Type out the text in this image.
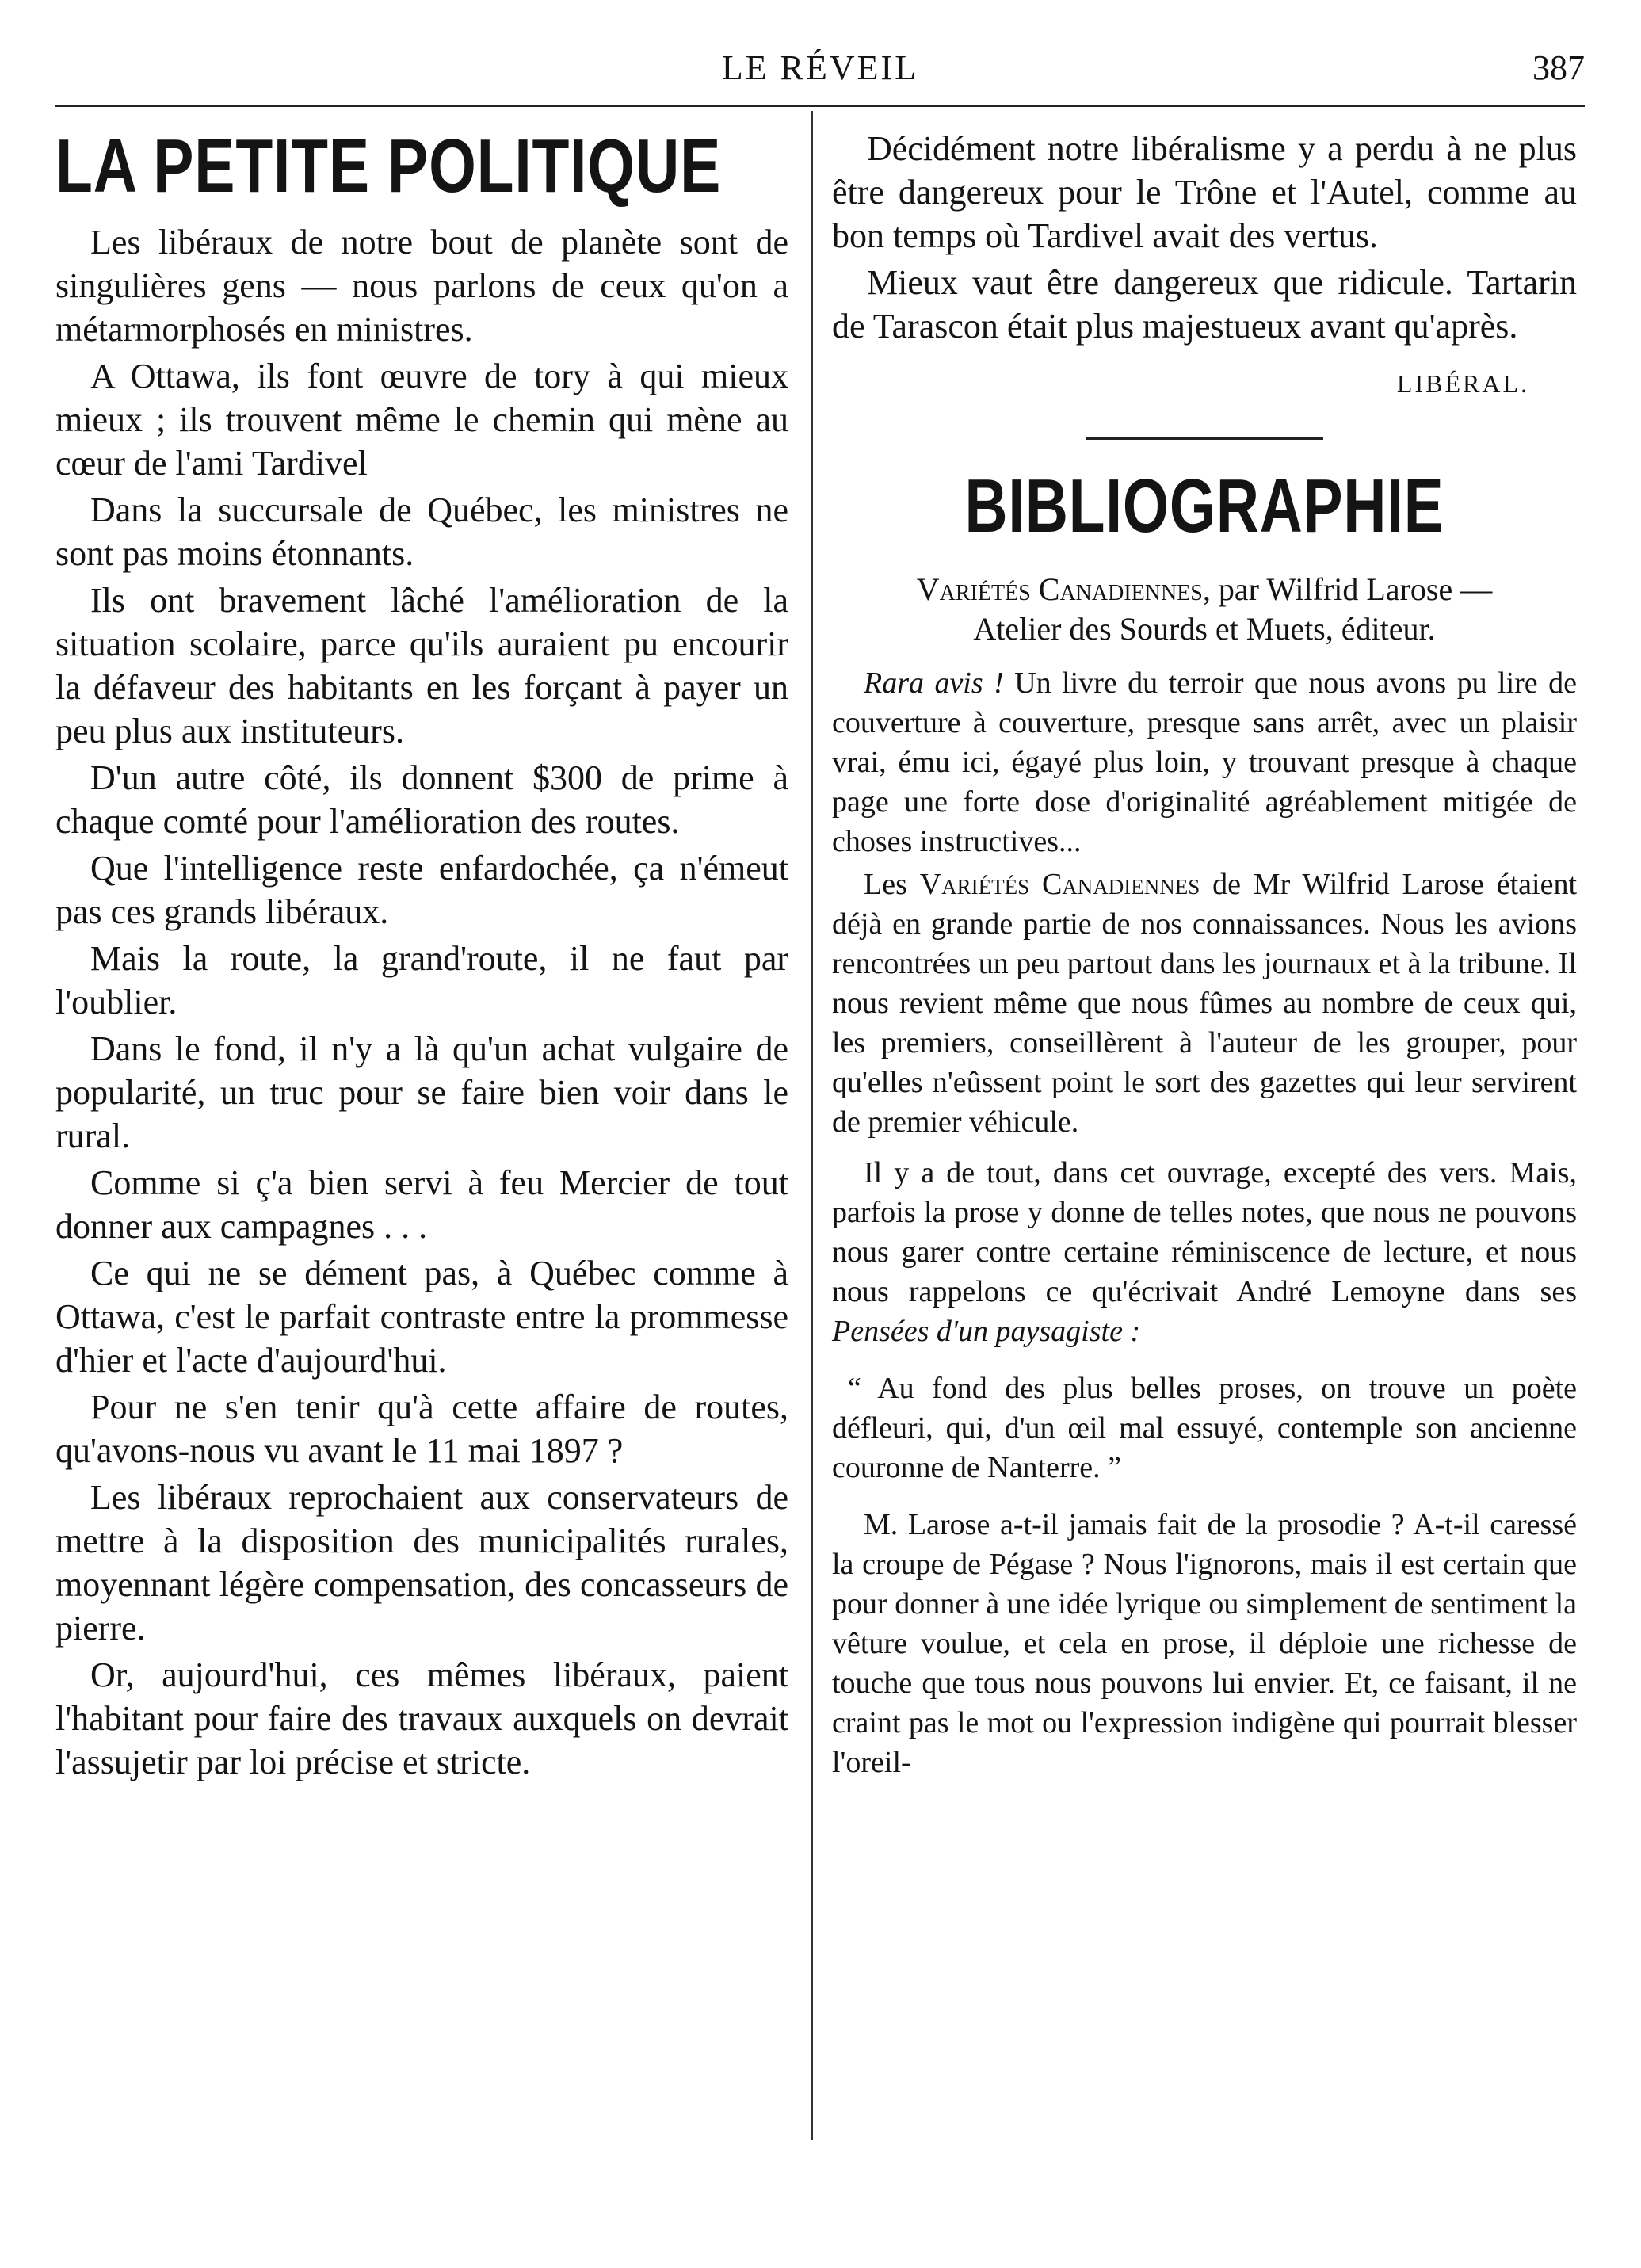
LE RÉVEIL	387
LA PETITE POLITIQUE

Les libéraux de notre bout de planète sont de singulières gens — nous parlons de ceux qu'on a métarmorphosés en ministres.

A Ottawa, ils font œuvre de tory à qui mieux mieux ; ils trouvent même le chemin qui mène au cœur de l'ami Tardivel

Dans la succursale de Québec, les ministres ne sont pas moins étonnants.

Ils ont bravement lâché l'amélioration de la situation scolaire, parce qu'ils auraient pu encourir la défaveur des habitants en les forçant à payer un peu plus aux instituteurs.

D'un autre côté, ils donnent $300 de prime à chaque comté pour l'amélioration des routes.

Que l'intelligence reste enfardochée, ça n'émeut pas ces grands libéraux.

Mais la route, la grand'route, il ne faut par l'oublier.

Dans le fond, il n'y a là qu'un achat vulgaire de popularité, un truc pour se faire bien voir dans le rural.

Comme si ç'a bien servi à feu Mercier de tout donner aux campagnes . . .

Ce qui ne se dément pas, à Québec comme à Ottawa, c'est le parfait contraste entre la prommesse d'hier et l'acte d'aujourd'hui.

Pour ne s'en tenir qu'à cette affaire de routes, qu'avons-nous vu avant le 11 mai 1897 ?

Les libéraux reprochaient aux conservateurs de mettre à la disposition des municipalités rurales, moyennant légère compensation, des concasseurs de pierre.

Or, aujourd'hui, ces mêmes libéraux, paient l'habitant pour faire des travaux auxquels on devrait l'assujetir par loi précise et stricte.

Décidément notre libéralisme y a perdu à ne plus être dangereux pour le Trône et l'Autel, comme au bon temps où Tardivel avait des vertus.

Mieux vaut être dangereux que ridicule. Tartarin de Tarascon était plus majestueux avant qu'après.

LIBÉRAL.
BIBLIOGRAPHIE
Variétés Canadiennes, par Wilfrid Larose —
Atelier des Sourds et Muets, éditeur.

Rara avis ! Un livre du terroir que nous avons pu lire de couverture à couverture, presque sans arrêt, avec un plaisir vrai, ému ici, égayé plus loin, y trouvant presque à chaque page une forte dose d'originalité agréablement mitigée de choses instructives...

Les Variétés Canadiennes de Mr Wilfrid Larose étaient déjà en grande partie de nos connaissances. Nous les avions rencontrées un peu partout dans les journaux et à la tribune. Il nous revient même que nous fûmes au nombre de ceux qui, les premiers, conseillèrent à l'auteur de les grouper, pour qu'elles n'eûssent point le sort des gazettes qui leur servirent de premier véhicule.

Il y a de tout, dans cet ouvrage, excepté des vers. Mais, parfois la prose y donne de telles notes, que nous ne pouvons nous garer contre certaine réminiscence de lecture, et nous nous rappelons ce qu'écrivait André Lemoyne dans ses Pensées d'un paysagiste :

“ Au fond des plus belles proses, on trouve un poète défleuri, qui, d'un œil mal essuyé, contemple son ancienne couronne de Nanterre. ”

M. Larose a-t-il jamais fait de la prosodie ? A-t-il caressé la croupe de Pégase ? Nous l'ignorons, mais il est certain que pour donner à une idée lyrique ou simplement de sentiment la vêture voulue, et cela en prose, il déploie une richesse de touche que tous nous pouvons lui envier. Et, ce faisant, il ne craint pas le mot ou l'expression indigène qui pourrait blesser l'oreil-
